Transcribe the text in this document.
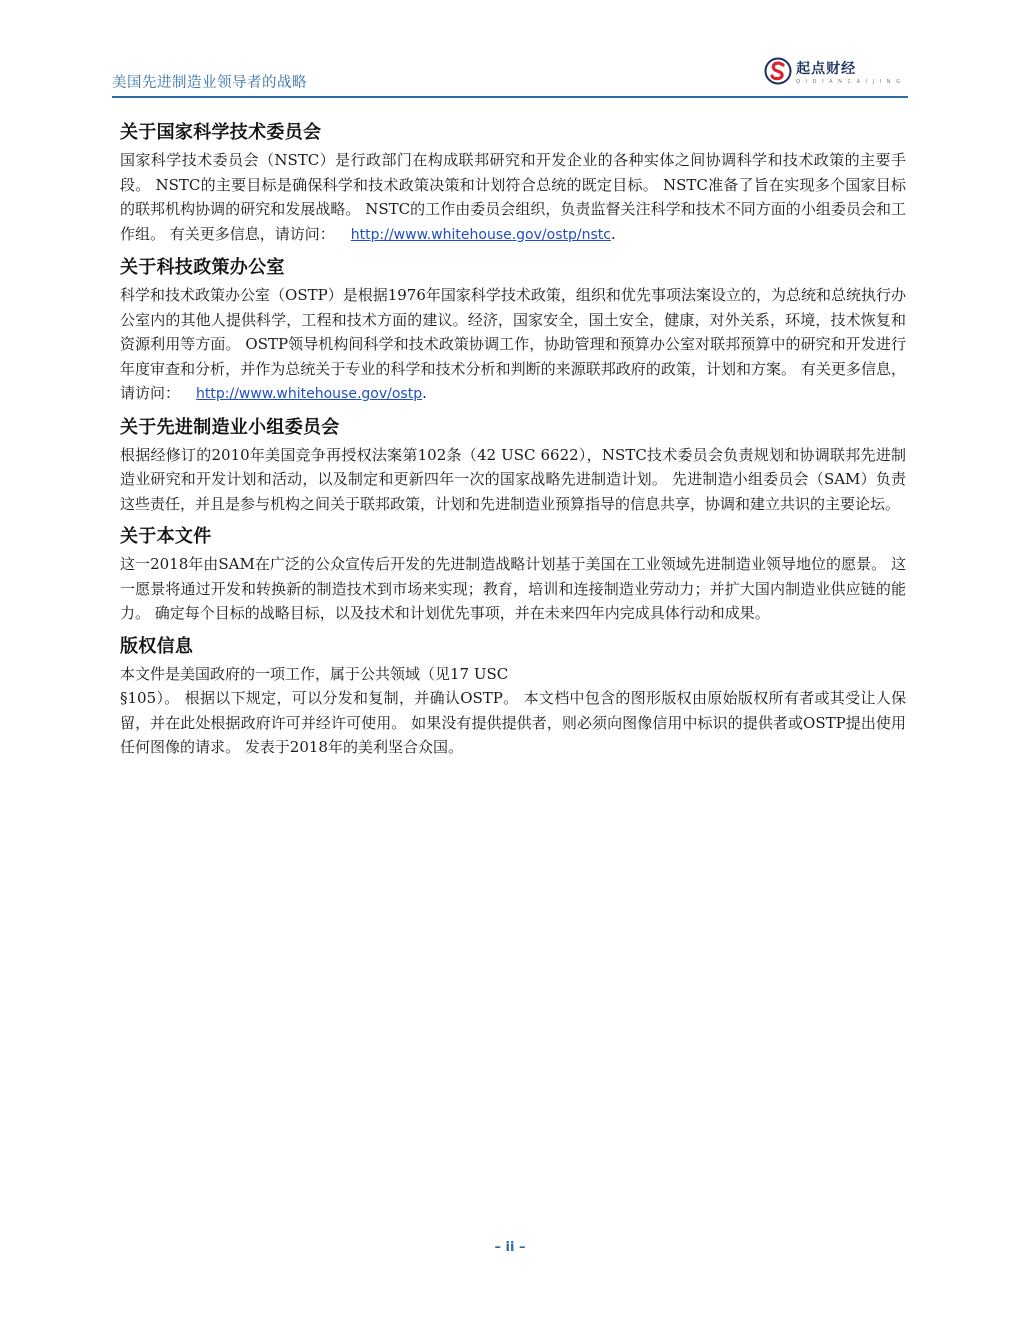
美国先进制造业领导者的战略
起点财经
Q I D I A N C A I J I N G
关于国家科学技术委员会

国家科学技术委员会（NSTC）是行政部门在构成联邦研究和开发企业的各种实体之间协调科学和技术政策的主要手段。 NSTC的主要目标是确保科学和技术政策决策和计划符合总统的既定目标。 NSTC准备了旨在实现多个国家目标的联邦机构协调的研究和发展战略。 NSTC的工作由委员会组织，负责监督关注科学和技术不同方面的小组委员会和工作组。 有关更多信息，请访问： http://www.whitehouse.gov/ostp/nstc.

关于科技政策办公室

科学和技术政策办公室（OSTP）是根据1976年国家科学技术政策，组织和优先事项法案设立的，为总统和总统执行办公室内的其他人提供科学，工程和技术方面的建议。经济，国家安全，国土安全，健康，对外关系，环境，技术恢复和资源利用等方面。 OSTP领导机构间科学和技术政策协调工作，协助管理和预算办公室对联邦预算中的研究和开发进行年度审查和分析，并作为总统关于专业的科学和技术分析和判断的来源联邦政府的政策，计划和方案。 有关更多信息，请访问： http://www.whitehouse.gov/ostp.

关于先进制造业小组委员会

根据经修订的2010年美国竞争再授权法案第102条（42 USC 6622），NSTC技术委员会负责规划和协调联邦先进制造业研究和开发计划和活动，以及制定和更新四年一次的国家战略先进制造计划。 先进制造小组委员会（SAM）负责这些责任，并且是参与机构之间关于联邦政策，计划和先进制造业预算指导的信息共享，协调和建立共识的主要论坛。

关于本文件

这一2018年由SAM在广泛的公众宣传后开发的先进制造战略计划基于美国在工业领域先进制造业领导地位的愿景。 这一愿景将通过开发和转换新的制造技术到市场来实现；教育，培训和连接制造业劳动力；并扩大国内制造业供应链的能力。 确定每个目标的战略目标，以及技术和计划优先事项，并在未来四年内完成具体行动和成果。

版权信息

本文件是美国政府的一项工作，属于公共领域（见17 USC

§105）。 根据以下规定，可以分发和复制，并确认OSTP。 本文档中包含的图形版权由原始版权所有者或其受让人保留，并在此处根据政府许可并经许可使用。 如果没有提供提供者，则必须向图像信用中标识的提供者或OSTP提出使用任何图像的请求。 发表于2018年的美利坚合众国。

– ii –
